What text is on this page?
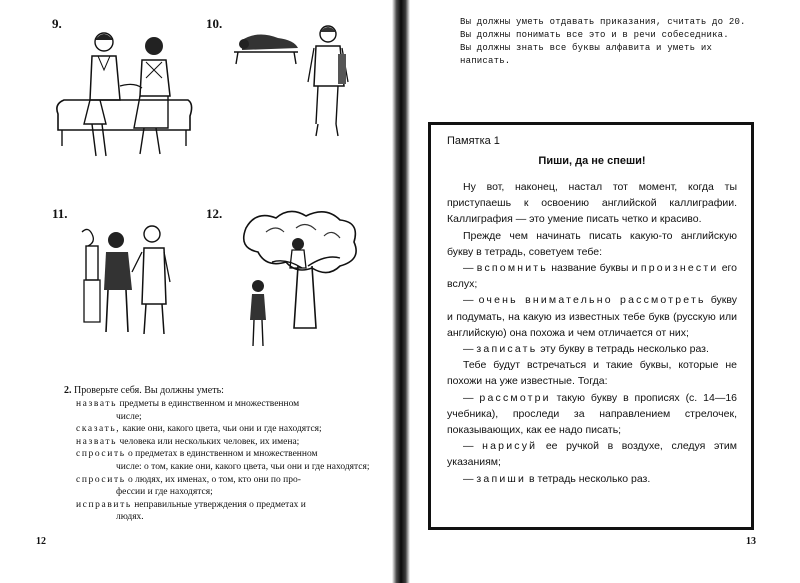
9.	10.
11.	12.
2. Проверьте себя. Вы должны уметь:
назвать предметы в единственном и множественном
числе;
сказать, какие они, какого цвета, чьи они и где находятся;
назвать человека или нескольких человек, их имена;
спросить о предметах в единственном и множественном
числе: о том, какие они, какого цвета, чьи они и где находятся;
спросить о людях, их именах, о том, кто они по про-
фессии и где находятся;
исправить неправильные утверждения о предметах и
людях.
12

Вы должны уметь отдавать приказания, считать до 20.

Вы должны понимать все это и в речи собеседника.

Вы должны знать все буквы алфавита и уметь их написать.

Памятка 1

Пиши, да не спеши!

Ну вот, наконец, настал тот момент, когда ты приступаешь к освоению английской каллиграфии. Каллиграфия — это умение писать четко и красиво.

Прежде чем начинать писать какую-то английскую букву в тетрадь, советуем тебе:

— вспомнить название буквы и произнести его вслух;

— очень внимательно рассмотреть букву и подумать, на какую из известных тебе букв (русскую или английскую) она похожа и чем отличается от них;

— записать эту букву в тетрадь несколько раз.

Тебе будут встречаться и такие буквы, которые не похожи на уже известные. Тогда:

— рассмотри такую букву в прописях (с. 14—16 учебника), проследи за направлением стрелочек, показывающих, как ее надо писать;

— нарисуй ее ручкой в воздухе, следуя этим указаниям;

— запиши в тетрадь несколько раз.

13
